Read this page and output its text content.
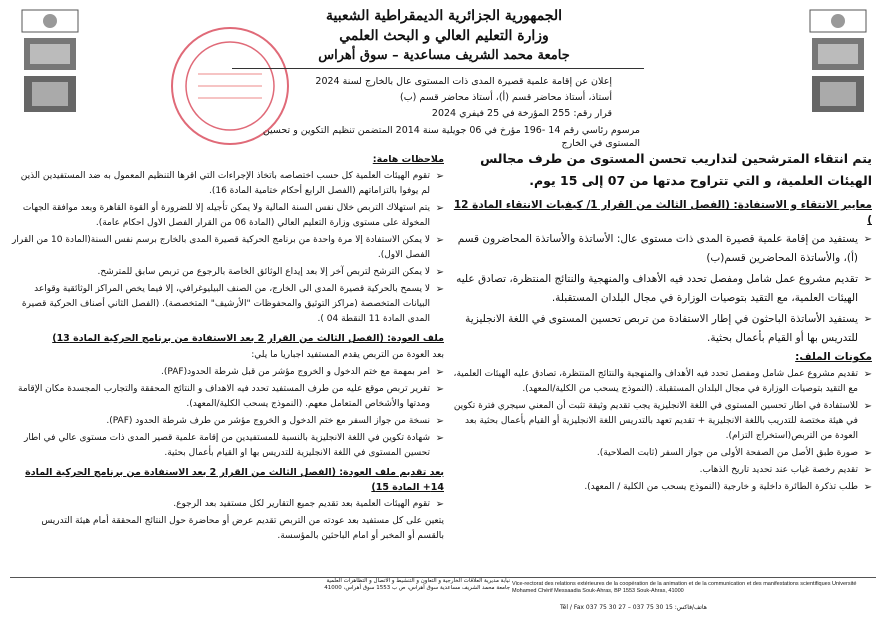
الجمهورية الجزائرية الديمقراطية الشعبية
وزارة التعليم العالي و البحث العلمي
جامعة محمد الشريف مساعدية – سوق أهراس
إعلان عن إقامة علمية قصيرة المدى ذات المستوى عال بالخارج لسنة 2024
أستاذ، أستاذ محاضر قسم (أ)، أستاذ محاضر قسم (ب)
قرار رقم: 255 المؤرخة في 25 فيفري 2024
مرسوم رئاسي رقم 14 -196 مؤرخ في 06 جويلية سنة 2014 المتضمن تنظيم التكوين و تحسين المستوى في الخارج
يتم انتقاء المترشحين لتداريب تحسن المستوى من طرف مجالس الهيئات العلمية، و التي تتراوح مدتها من 07 إلى 15 يوم.
معايير الانتقاء و الاستفادة: (الفصل الثالث من القرار 1/ كيفيات الانتقاء المادة 12 )
➢
يستفيد من إقامة علمية قصيرة المدى ذات مستوى عال: الأساتذة والأساتذة المحاضرون قسم (أ)، والأساتذة المحاضرين قسم(ب)
➢
تقديم مشروع عمل شامل ومفصل تحدد فيه الأهداف والمنهجية والنتائج المنتظرة، تصادق عليه الهيئات العلمية، مع التقيد بتوصيات الوزارة في مجال البلدان المستقبلة.
➢
يستفيد الأساتذة الباحثون في إطار الاستفادة من تربص تحسين المستوى في اللغة الانجليزية للتدريس بها أو القيام بأعمال بحثية.
مكونات الملف:
➢
تقديم مشروع عمل شامل ومفصل تحدد فيه الأهداف والمنهجية والنتائج المنتظرة، تصادق عليه الهيئات العلمية، مع التقيد بتوصيات الوزارة في مجال البلدان المستقبلة. (النموذج يسحب من الكلية/المعهد).
➢
للاستفادة في اطار تحسين المستوى في اللغة الانجليزية يجب تقديم وثيقة تثبت أن المعني سيجري فترة تكوين في هيئة مختصة للتدريب باللغة الانجليزية + تقديم تعهد بالتدريس اللغة الانجليزية أو القيام بأعمال بحثية بعد العودة من التربص(استخراج التزام).
➢
صورة طبق الأصل من الصفحة الأولى من جواز السفر (ثابت الصلاحية).
➢
تقديم رخصة غياب عند تحديد تاريخ الذهاب.
➢
طلب تذكرة الطائرة داخلية و خارجية (النموذج يسحب من الكلية / المعهد).
ملاحظات هامة:
➢
تقوم الهيئات العلمية كل حسب اختصاصه باتخاذ الإجراءات التي اقرها التنظيم المعمول به ضد المستفيدين الذين لم يوفوا بالتزاماتهم (الفصل الرابع أحكام ختامية المادة 16).
➢
يتم استهلاك التربص خلال نفس السنة المالية ولا يمكن تأجيله إلا للضرورة أو القوة القاهرة وبعد موافقة الجهات المخولة على مستوى وزارة التعليم العالي (المادة 06 من القرار الفصل الاول احكام عامة).
➢
لا يمكن الاستفادة إلا مرة واحدة من برنامج الحركية قصيرة المدى بالخارج برسم نفس السنة(المادة 10 من القرار الفصل الاول).
➢
لا يمكن الترشح لتربص آخر إلا بعد إيداع الوثائق الخاصة بالرجوع من تربص سابق للمترشح.
➢
لا يسمح بالحركية قصيرة المدى الى الخارج، من الصنف البيليوغرافي، إلا فيما يخص المراكز الوثائقية وقواعد البيانات المتخصصة (مراكز التوثيق والمحفوظات "الأرشيف" المتخصصة). (الفصل الثاني أصناف الحركية قصيرة المدى المادة 11 النقطة 04 ).
ملف العودة: (الفصل الثالث من القرار 2 بعد الاستفادة من برنامج الحركية المادة 13)
بعد العودة من التربص يقدم المستفيد اجباريا ما يلي:
➢
امر بمهمة مع ختم الدخول و الخروج مؤشر من قبل شرطة الحدود(PAF).
➢
تقرير تربص موقع عليه من طرف المستفيد تحدد فيه الاهداف و النتائج المحققة والتجارب المجسدة مكان الإقامة ومدتها والأشخاص المتعامل معهم. (النموذج يسحب الكلية/المعهد).
➢
نسخة من جواز السفر مع ختم الدخول و الخروج مؤشر من طرف شرطة الحدود (PAF).
➢
شهادة تكوين في اللغة الانجليزية بالنسبة للمستفيدين من إقامة علمية قصير المدى ذات مستوى عالي في اطار تحسين المستوى في اللغة الانجليزية للتدريس بها او القيام بأعمال بحثية.
بعد تقديم ملف العودة: (الفصل الثالث من القرار 2 بعد الاستفادة من برنامج الحركية المادة 14+ المادة 15)
➢
تقوم الهيئات العلمية بعد تقديم جميع التقارير لكل مستفيد بعد الرجوع.
يتعين على كل مستفيد بعد عودته من التربص تقديم عرض أو محاضرة حول النتائج المحققة أمام هيئة التدريس بالقسم أو المخبر أو امام الباحثين بالمؤسسة.
Vice-rectorat des relations extérieures de la coopération de la animation et de la communication et des manifestations scientifiques Université Mohamed Chérif Messaadia Souk-Ahras, BP 1553 Souk-Ahras, 41000
نيابة مديرية العلاقات الخارجية و التعاون و التنشيط و الاتصال و التظاهرات العلمية
جامعة محمد الشريف مساعدية سوق أهراس، ص ب 1553 سوق أهراس، 41000
Tél / Fax 037 75 30 27 – 037 75 30 15 :هاتف/فاكس
